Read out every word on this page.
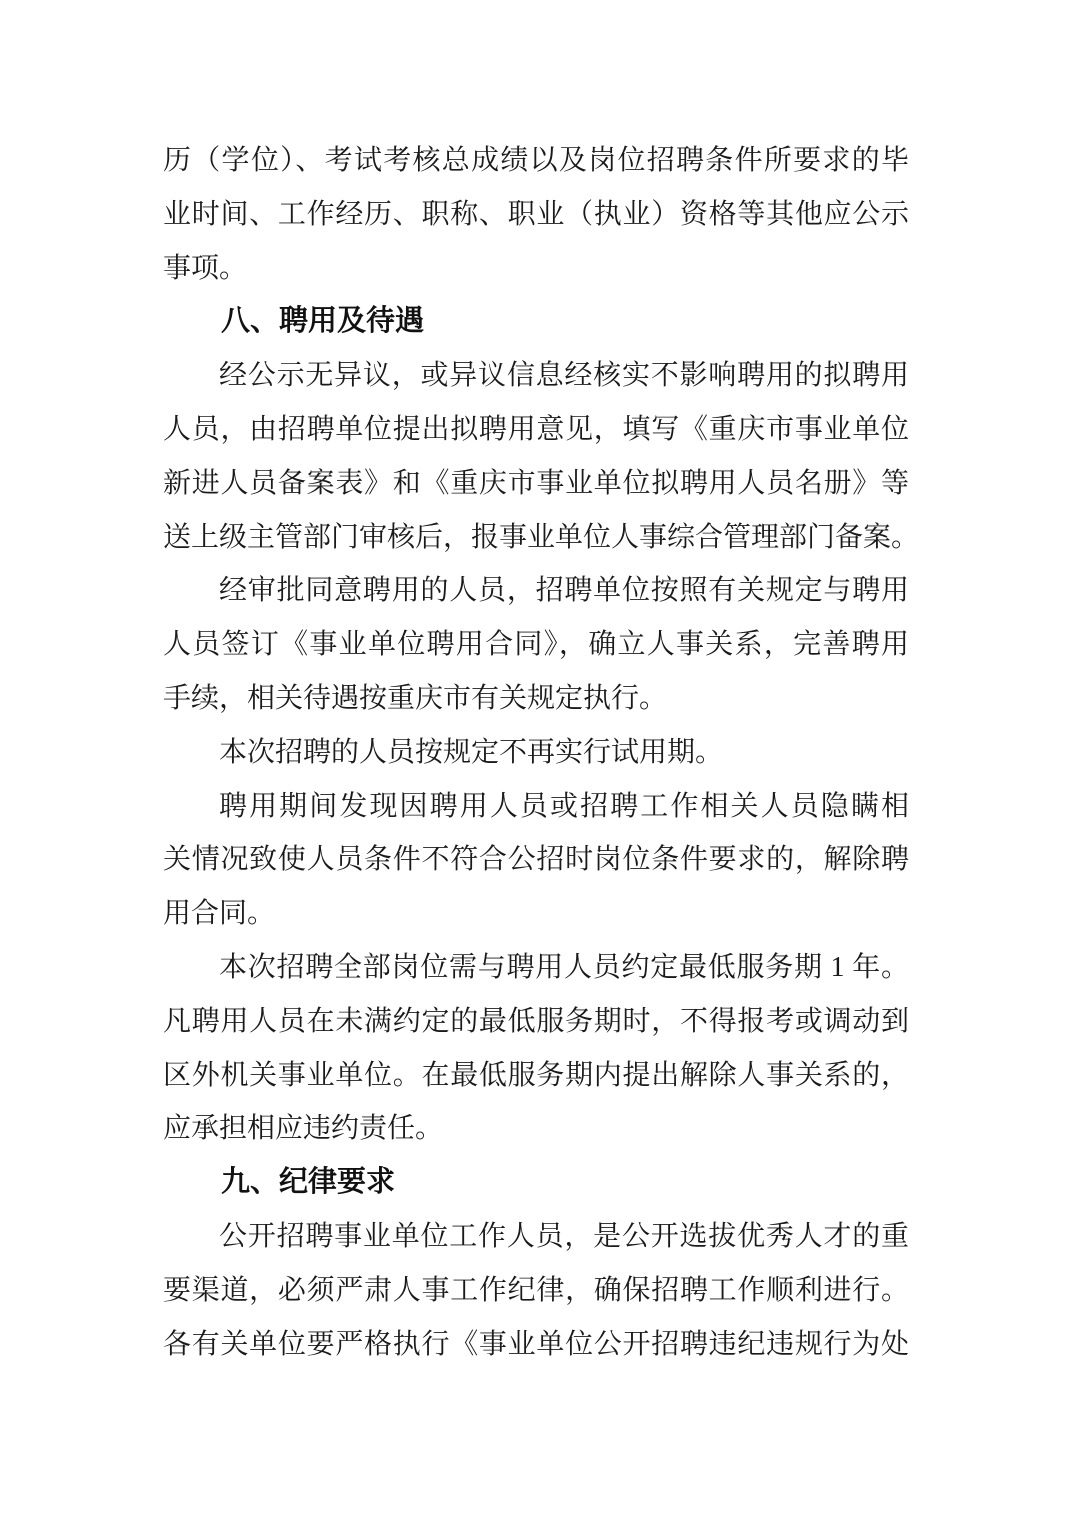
历（学位）、考试考核总成绩以及岗位招聘条件所要求的毕
业时间、工作经历、职称、职业（执业）资格等其他应公示
事项。
八、聘用及待遇
经公示无异议，或异议信息经核实不影响聘用的拟聘用
人员，由招聘单位提出拟聘用意见，填写《重庆市事业单位
新进人员备案表》和《重庆市事业单位拟聘用人员名册》等
送上级主管部门审核后，报事业单位人事综合管理部门备案。
经审批同意聘用的人员，招聘单位按照有关规定与聘用
人员签订《事业单位聘用合同》，确立人事关系，完善聘用
手续，相关待遇按重庆市有关规定执行。
本次招聘的人员按规定不再实行试用期。
聘用期间发现因聘用人员或招聘工作相关人员隐瞒相
关情况致使人员条件不符合公招时岗位条件要求的，解除聘
用合同。
本次招聘全部岗位需与聘用人员约定最低服务期 1 年。
凡聘用人员在未满约定的最低服务期时，不得报考或调动到
区外机关事业单位。在最低服务期内提出解除人事关系的，
应承担相应违约责任。
九、纪律要求
公开招聘事业单位工作人员，是公开选拔优秀人才的重
要渠道，必须严肃人事工作纪律，确保招聘工作顺利进行。
各有关单位要严格执行《事业单位公开招聘违纪违规行为处
